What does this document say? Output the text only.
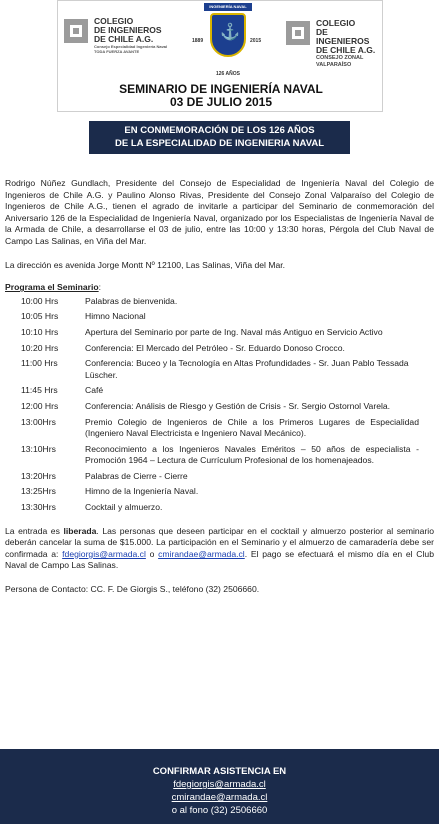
COLEGIO
DE INGENIEROS
DE CHILE A.G.
Consejo Especialidad Ingeniería Naval
TODA FUERZA AVANTE
INGENIERÍA NAVAL
⚓
1889	2015
126 AÑOS
COLEGIO
DE INGENIEROS
DE CHILE A.G.
CONSEJO ZONAL VALPARAÍSO
SEMINARIO DE INGENIERÍA NAVAL
03 DE JULIO 2015
EN CONMEMORACIÓN DE LOS 126 AÑOS
DE LA ESPECIALIDAD DE INGENIERIA NAVAL

Rodrigo Núñez Gundlach, Presidente del Consejo de Especialidad de Ingeniería Naval del Colegio de Ingenieros de Chile A.G. y Paulino Alonso Rivas, Presidente del Consejo Zonal Valparaíso del Colegio de Ingenieros de Chile A.G., tienen el agrado de invitarle a participar del Seminario de conmemoración del Aniversario 126 de la Especialidad de Ingeniería Naval, organizado por los Especialistas de Ingeniería Naval de la Armada de Chile, a desarrollarse el 03 de julio, entre las 10:00 y 13:30 horas, Pérgola del Club Naval de Campo Las Salinas, en Viña del Mar.

La dirección es avenida Jorge Montt Nº 12100, Las Salinas, Viña del Mar.

Programa el Seminario:

10:00 Hrs	Palabras de bienvenida.
10:05 Hrs	Himno Nacional
10:10 Hrs	Apertura del Seminario por parte de Ing. Naval más Antiguo en Servicio Activo
10:20 Hrs	Conferencia: El Mercado del Petróleo - Sr. Eduardo Donoso Crocco.
11:00 Hrs	Conferencia: Buceo y la Tecnología en Altas Profundidades - Sr. Juan Pablo Tessada Lüscher.
11:45 Hrs	Café
12:00 Hrs	Conferencia: Análisis de Riesgo y Gestión de Crisis - Sr. Sergio Ostornol Varela.
13:00Hrs	Premio Colegio de Ingenieros de Chile a los Primeros Lugares de Especialidad (Ingeniero Naval Electricista e Ingeniero Naval Mecánico).
13:10Hrs	Reconocimiento a los Ingenieros Navales Eméritos – 50 años de especialista - Promoción 1964 – Lectura de Currículum Profesional de los homenajeados.
13:20Hrs	Palabras de Cierre - Cierre
13:25Hrs	Himno de la Ingeniería Naval.
13:30Hrs	Cocktail y almuerzo.

La entrada es liberada. Las personas que deseen participar en el cocktail y almuerzo posterior al seminario deberán cancelar la suma de $15.000. La participación en el Seminario y el almuerzo de camaradería debe ser confirmada a: fdegiorgis@armada.cl o cmirandae@armada.cl. El pago se efectuará el mismo día en el Club Naval de Campo Las Salinas.

Persona de Contacto: CC. F. De Giorgis S., teléfono (32) 2506660.

CONFIRMAR ASISTENCIA EN
fdegiorgis@armada.cl
cmirandae@armada.cl
o al fono (32) 2506660
